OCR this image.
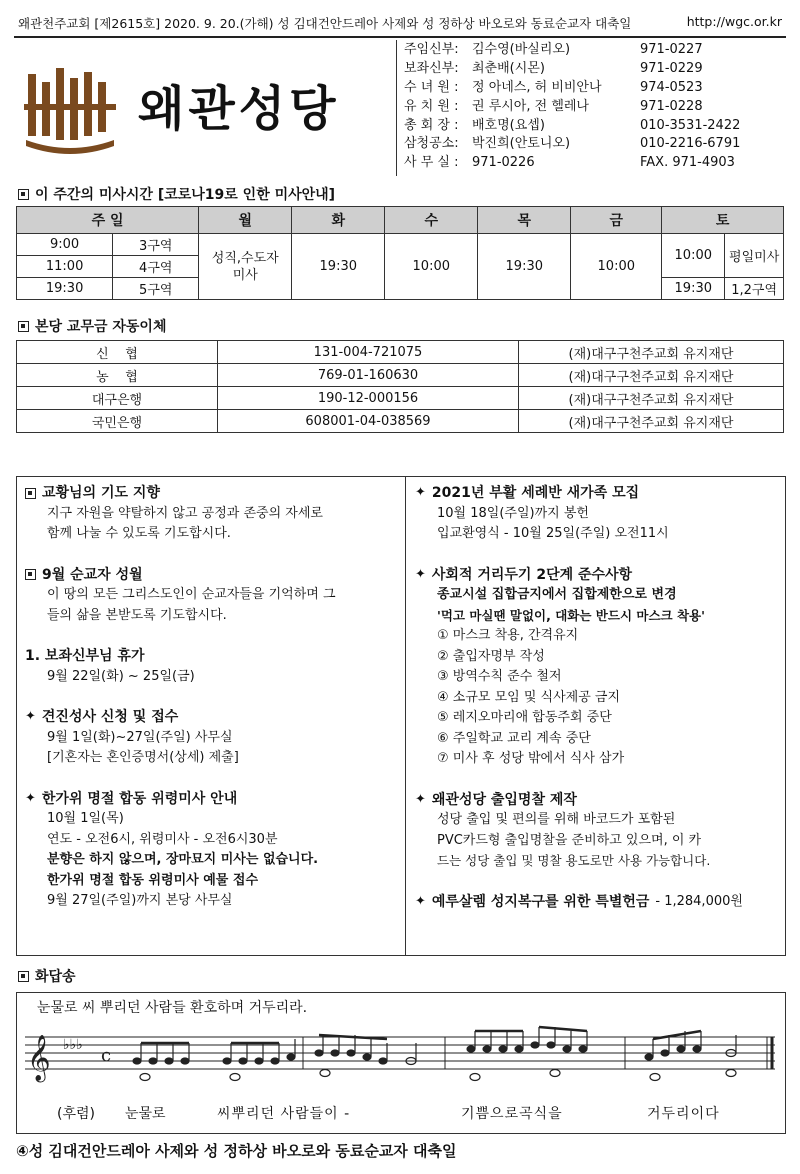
왜관천주교회 [제2615호] 2020. 9. 20.(가해) 성 김대건안드레아 사제와 성 정하상 바오로와 동료순교자 대축일	http://wgc.or.kr
왜관성당
주임신부:	김수영(바실리오)	971-0227
보좌신부:	최춘배(시몬)	971-0229
수 녀 원 :	정 아네스, 허 비비안나	974-0523
유 치 원 :	권 루시아, 전 헬레나	971-0228
총 회 장 :	배호명(요셉)	010-3531-2422
삼청공소:	박진희(안토니오)	010-2216-6791
사 무 실 :	971-0226	FAX. 971-4903
이 주간의 미사시간 [코로나19로 인한 미사안내]
주 일		월	화	수	목	금	토	
9:00	3구역	성직,수도자 미사	19:30	10:00	19:30	10:00	10:00	평일미사
11:00	4구역							
19:30	5구역						19:30	1,2구역
본당 교무금 자동이체
신    협	131-004-721075	(재)대구구천주교회 유지재단
농    협	769-01-160630	(재)대구구천주교회 유지재단
대구은행	190-12-000156	(재)대구구천주교회 유지재단
국민은행	608001-04-038569	(재)대구구천주교회 유지재단
교황님의 기도 지향
지구 자원을 약탈하지 않고 공정과 존중의 자세로
함께 나눌 수 있도록 기도합시다.
9월 순교자 성월
이 땅의 모든 그리스도인이 순교자들을 기억하며 그
들의 삶을 본받도록 기도합시다.
1. 보좌신부님 휴가
9월 22일(화) ~ 25일(금)
✦ 견진성사 신청 및 접수
9월 1일(화)~27일(주일) 사무실
[기혼자는 혼인증명서(상세) 제출]
✦ 한가위 명절 합동 위령미사 안내
10월 1일(목)
연도 - 오전6시, 위령미사 - 오전6시30분
분향은 하지 않으며, 장마묘지 미사는 없습니다.
한가위 명절 합동 위령미사 예물 접수
9월 27일(주일)까지 본당 사무실
✦ 2021년 부활 세례반 새가족 모집
10월 18일(주일)까지 봉헌
입교환영식 - 10월 25일(주일) 오전11시
✦ 사회적 거리두기 2단계 준수사항
종교시설 집합금지에서 집합제한으로 변경
'먹고 마실땐 말없이, 대화는 반드시 마스크 착용'
① 마스크 착용, 간격유지
② 출입자명부 작성
③ 방역수칙 준수 철저
④ 소규모 모임 및 식사제공 금지
⑤ 레지오마리애 합동주회 중단
⑥ 주일학교 교리 계속 중단
⑦ 미사 후 성당 밖에서 식사 삼가
✦ 왜관성당 출입명찰 제작
성당 출입 및 편의를 위해 바코드가 포함된
PVC카드형 출입명찰을 준비하고 있으며, 이 카
드는 성당 출입 및 명찰 용도로만 사용 가능합니다.
✦ 예루살렘 성지복구를 위한 특별헌금 - 1,284,000원
화답송
눈물로 씨 뿌리던 사람들 환호하며 거두리라.
𝄞 ♭♭♭ c
(후렴) 눈물로	씨뿌리던 사람들이 -	기쁨으로곡식을	거두리이다
④성 김대건안드레아 사제와 성 정하상 바오로와 동료순교자 대축일
